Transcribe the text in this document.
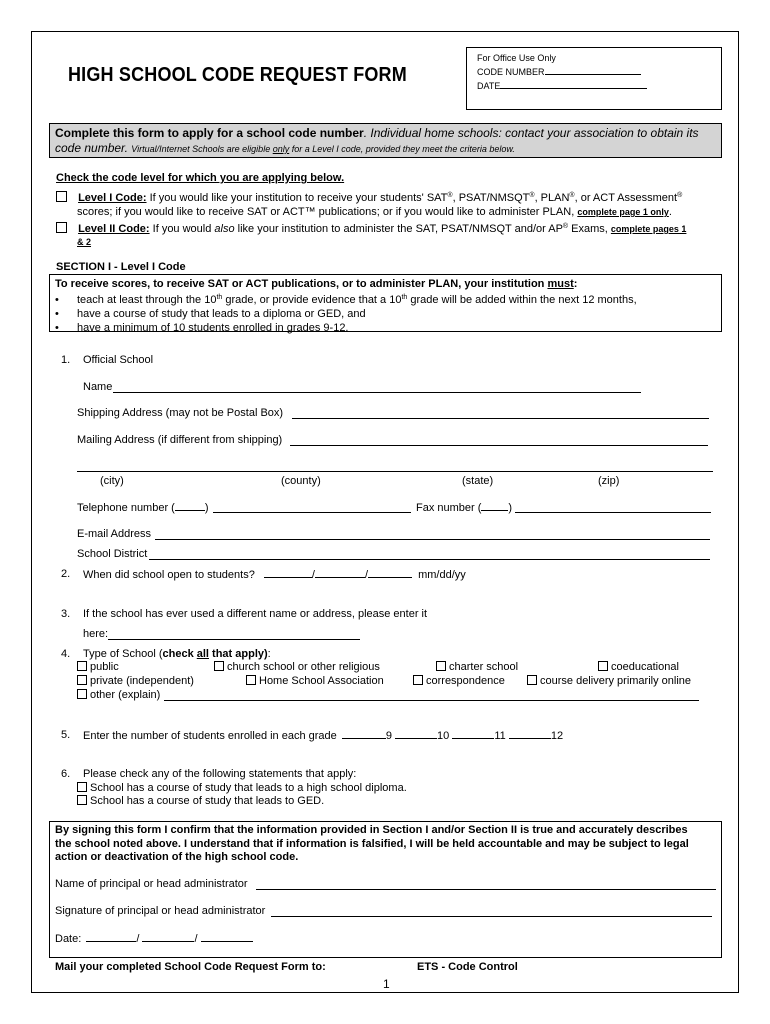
HIGH SCHOOL CODE REQUEST FORM
For Office Use Only
CODE NUMBER
DATE
Complete this form to apply for a school code number. Individual home schools: contact your association to obtain its code number. Virtual/Internet Schools are eligible only for a Level I code, provided they meet the criteria below.
Check the code level for which you are applying below.
Level I Code: If you would like your institution to receive your students' SAT®, PSAT/NMSQT®, PLAN®, or ACT Assessment®
scores; if you would like to receive SAT or ACT™ publications; or if you would like to administer PLAN, complete page 1 only.
Level II Code: If you would also like your institution to administer the SAT, PSAT/NMSQT and/or AP® Exams, complete pages 1
& 2
SECTION I - Level I Code
To receive scores, to receive SAT or ACT publications, or to administer PLAN, your institution must:
• teach at least through the 10th grade, or provide evidence that a 10th grade will be added within the next 12 months,
• have a course of study that leads to a diploma or GED, and
• have a minimum of 10 students enrolled in grades 9-12.
1. Official School
Name
Shipping Address (may not be Postal Box)
Mailing Address (if different from shipping)
(city)	(county)	(state)	(zip)
Telephone number (	)	Fax number ( )
E-mail Address
School District
2. When did school open to students?	/	/	mm/dd/yy
3. If the school has ever used a different name or address, please enter it
here:
4. Type of School (check all that apply):
public	church school or other religious	charter school	coeducational
private (independent)	Home School Association	correspondence	course delivery primarily online
other (explain)
5. Enter the number of students enrolled in each grade	9	10	11	12
6. Please check any of the following statements that apply:
School has a course of study that leads to a high school diploma.
School has a course of study that leads to GED.
By signing this form I confirm that the information provided in Section I and/or Section II is true and accurately describes
the school noted above. I understand that if information is falsified, I will be held accountable and may be subject to legal
action or deactivation of the high school code.
Name of principal or head administrator
Signature of principal or head administrator
Date:	/	/
Mail your completed School Code Request Form to:	ETS - Code Control
1
